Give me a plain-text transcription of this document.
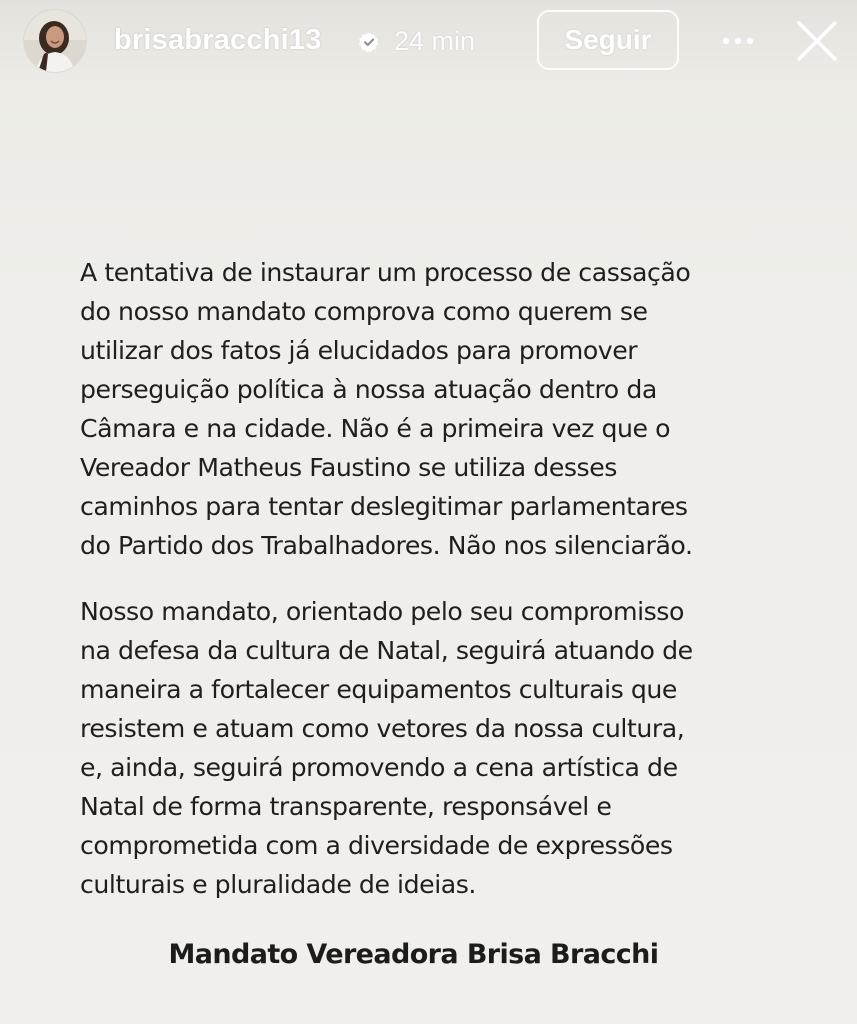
brisabracchi13	24 min	Seguir
A tentativa de instaurar um processo de cassação
do nosso mandato comprova como querem se
utilizar dos fatos já elucidados para promover
perseguição política à nossa atuação dentro da
Câmara e na cidade. Não é a primeira vez que o
Vereador Matheus Faustino se utiliza desses
caminhos para tentar deslegitimar parlamentares
do Partido dos Trabalhadores. Não nos silenciarão.
Nosso mandato, orientado pelo seu compromisso
na defesa da cultura de Natal, seguirá atuando de
maneira a fortalecer equipamentos culturais que
resistem e atuam como vetores da nossa cultura,
e, ainda, seguirá promovendo a cena artística de
Natal de forma transparente, responsável e
comprometida com a diversidade de expressões
culturais e pluralidade de ideias.
Mandato Vereadora Brisa Bracchi
